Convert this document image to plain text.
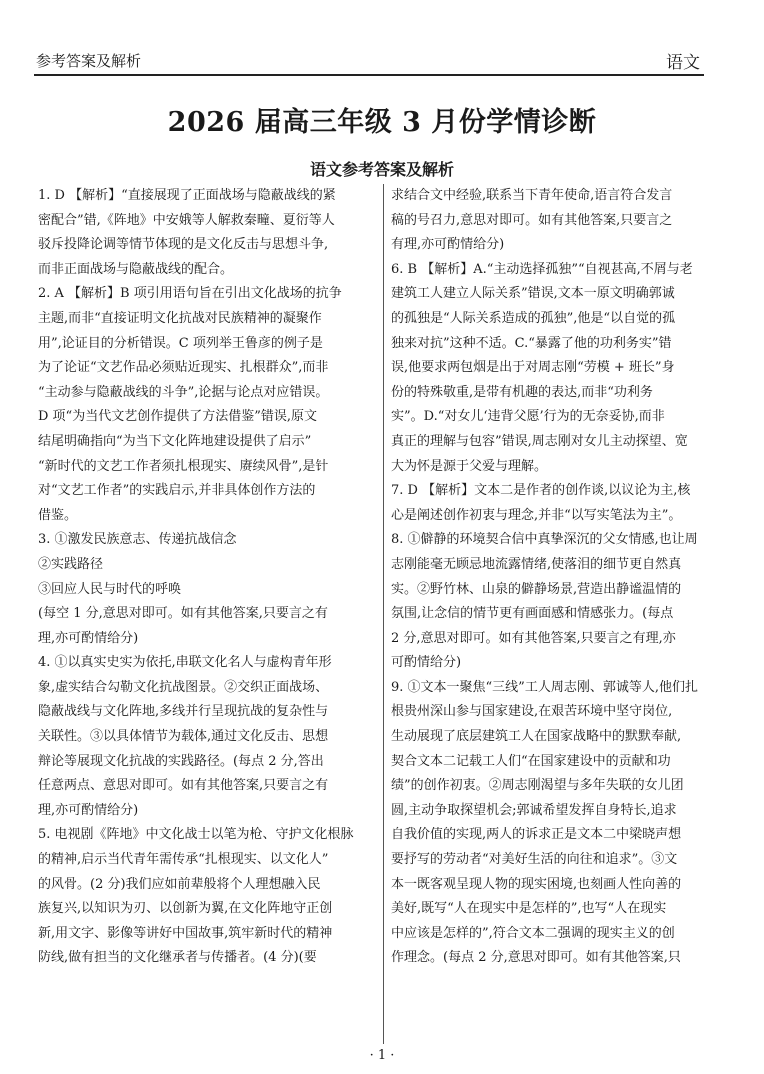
参考答案及解析	语文
2026 届高三年级 3 月份学情诊断
语文参考答案及解析
1. D 【解析】“直接展现了正面战场与隐蔽战线的紧
密配合”错,《阵地》中安娥等人解救秦疃、夏衍等人
驳斥投降论调等情节体现的是文化反击与思想斗争,
而非正面战场与隐蔽战线的配合。
2. A 【解析】B 项引用语句旨在引出文化战场的抗争
主题,而非“直接证明文化抗战对民族精神的凝聚作
用”,论证目的分析错误。C 项列举王鲁彦的例子是
为了论证“文艺作品必须贴近现实、扎根群众”,而非
“主动参与隐蔽战线的斗争”,论据与论点对应错误。
D 项“为当代文艺创作提供了方法借鉴”错误,原文
结尾明确指向“为当下文化阵地建设提供了启示”
“新时代的文艺工作者须扎根现实、赓续风骨”,是针
对“文艺工作者”的实践启示,并非具体创作方法的
借鉴。
3. ①激发民族意志、传递抗战信念
②实践路径
③回应人民与时代的呼唤
(每空 1 分,意思对即可。如有其他答案,只要言之有
理,亦可酌情给分)
4. ①以真实史实为依托,串联文化名人与虚构青年形
象,虚实结合勾勒文化抗战图景。②交织正面战场、
隐蔽战线与文化阵地,多线并行呈现抗战的复杂性与
关联性。③以具体情节为载体,通过文化反击、思想
辩论等展现文化抗战的实践路径。(每点 2 分,答出
任意两点、意思对即可。如有其他答案,只要言之有
理,亦可酌情给分)
5. 电视剧《阵地》中文化战士以笔为枪、守护文化根脉
的精神,启示当代青年需传承“扎根现实、以文化人”
的风骨。(2 分)我们应如前辈般将个人理想融入民
族复兴,以知识为刃、以创新为翼,在文化阵地守正创
新,用文字、影像等讲好中国故事,筑牢新时代的精神
防线,做有担当的文化继承者与传播者。(4 分)(要
求结合文中经验,联系当下青年使命,语言符合发言
稿的号召力,意思对即可。如有其他答案,只要言之
有理,亦可酌情给分)
6. B 【解析】A.“主动选择孤独”“自视甚高,不屑与老
建筑工人建立人际关系”错误,文本一原文明确郭诚
的孤独是“人际关系造成的孤独”,他是“以自觉的孤
独来对抗”这种不适。C.“暴露了他的功利务实”错
误,他要求两包烟是出于对周志刚“劳模 + 班长”身
份的特殊敬重,是带有机趣的表达,而非“功利务
实”。D.“对女儿‘违背父愿’行为的无奈妥协,而非
真正的理解与包容”错误,周志刚对女儿主动探望、宽
大为怀是源于父爱与理解。
7. D 【解析】文本二是作者的创作谈,以议论为主,核
心是阐述创作初衷与理念,并非“以写实笔法为主”。
8. ①僻静的环境契合信中真挚深沉的父女情感,也让周
志刚能毫无顾忌地流露情绪,使落泪的细节更自然真
实。②野竹林、山泉的僻静场景,营造出静谧温情的
氛围,让念信的情节更有画面感和情感张力。(每点
2 分,意思对即可。如有其他答案,只要言之有理,亦
可酌情给分)
9. ①文本一聚焦“三线”工人周志刚、郭诚等人,他们扎
根贵州深山参与国家建设,在艰苦环境中坚守岗位,
生动展现了底层建筑工人在国家战略中的默默奉献,
契合文本二记载工人们“在国家建设中的贡献和功
绩”的创作初衷。②周志刚渴望与多年失联的女儿团
圆,主动争取探望机会;郭诚希望发挥自身特长,追求
自我价值的实现,两人的诉求正是文本二中梁晓声想
要抒写的劳动者“对美好生活的向往和追求”。③文
本一既客观呈现人物的现实困境,也刻画人性向善的
美好,既写“人在现实中是怎样的”,也写“人在现实
中应该是怎样的”,符合文本二强调的现实主义的创
作理念。(每点 2 分,意思对即可。如有其他答案,只
· 1 ·
